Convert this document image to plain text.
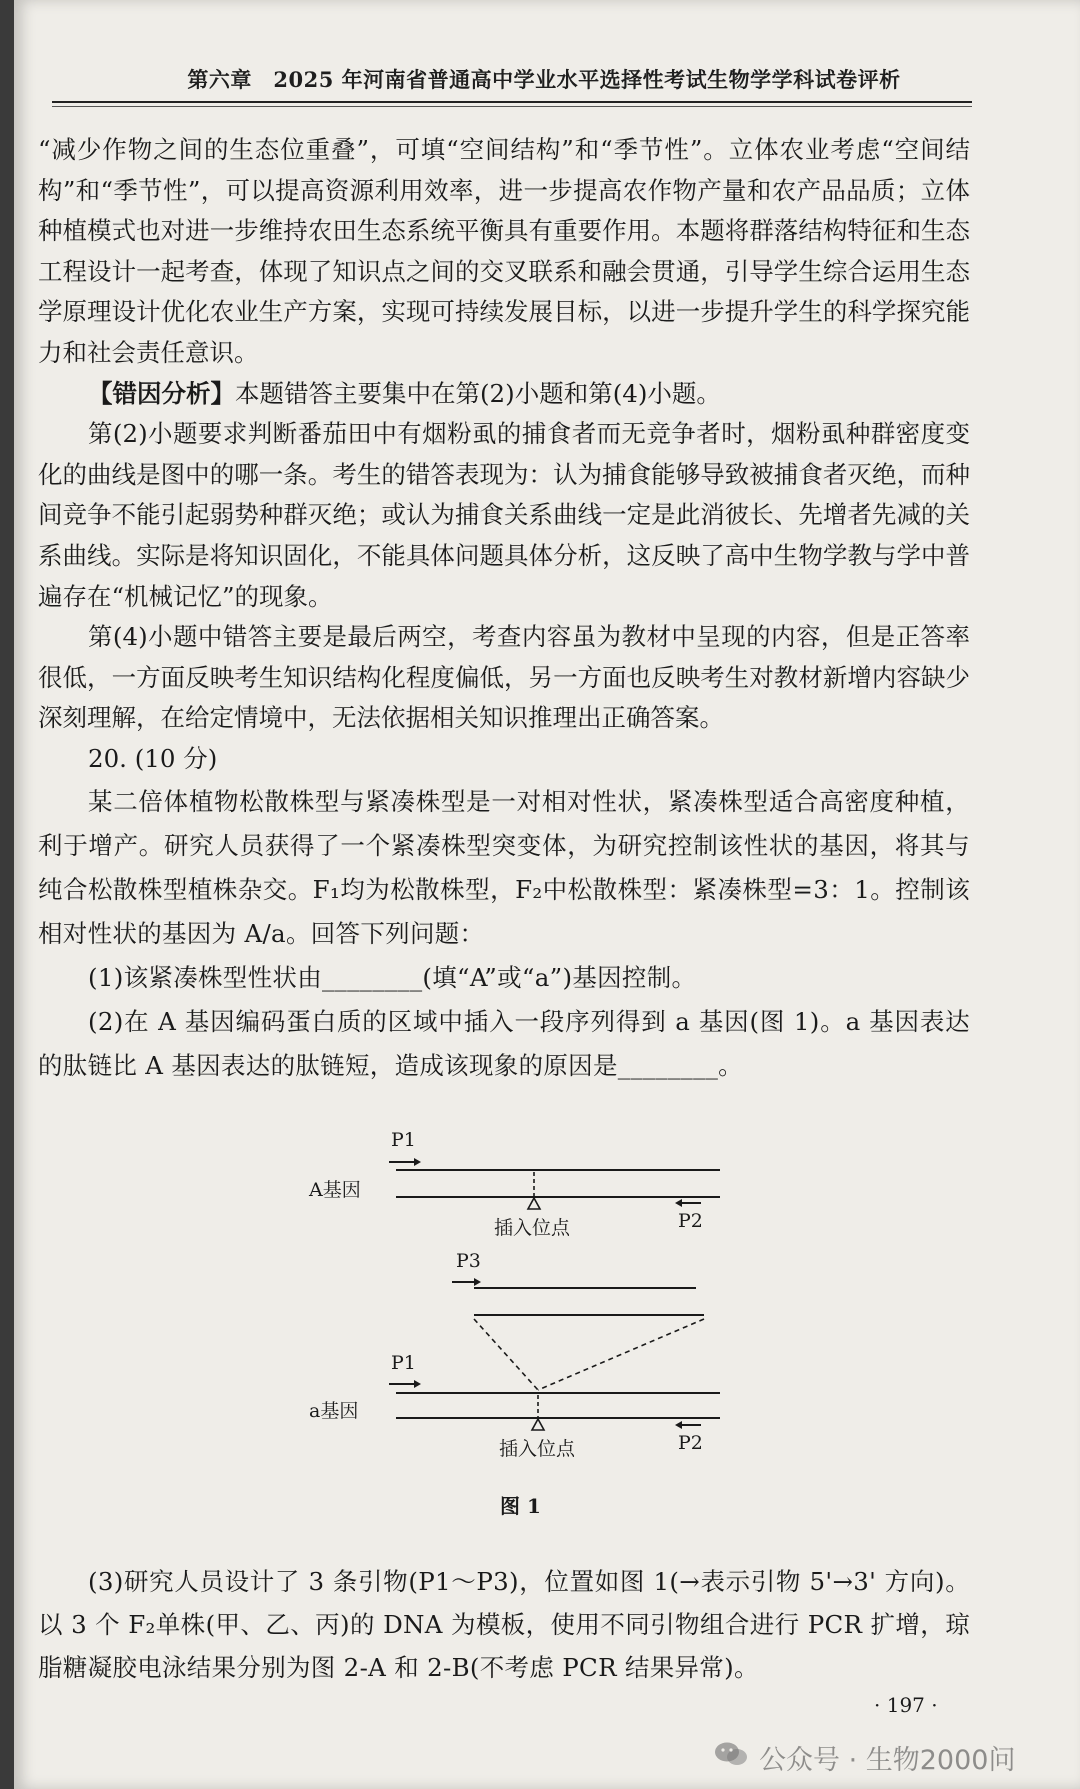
第六章　2025 年河南省普通高中学业水平选择性考试生物学学科试卷评析

“减少作物之间的生态位重叠”，可填“空间结构”和“季节性”。立体农业考虑“空间结构”和“季节性”，可以提高资源利用效率，进一步提高农作物产量和农产品品质；立体种植模式也对进一步维持农田生态系统平衡具有重要作用。本题将群落结构特征和生态工程设计一起考查，体现了知识点之间的交叉联系和融会贯通，引导学生综合运用生态学原理设计优化农业生产方案，实现可持续发展目标，以进一步提升学生的科学探究能力和社会责任意识。

【错因分析】本题错答主要集中在第(2)小题和第(4)小题。

第(2)小题要求判断番茄田中有烟粉虱的捕食者而无竞争者时，烟粉虱种群密度变化的曲线是图中的哪一条。考生的错答表现为：认为捕食能够导致被捕食者灭绝，而种间竞争不能引起弱势种群灭绝；或认为捕食关系曲线一定是此消彼长、先增者先减的关系曲线。实际是将知识固化，不能具体问题具体分析，这反映了高中生物学教与学中普遍存在“机械记忆”的现象。

第(4)小题中错答主要是最后两空，考查内容虽为教材中呈现的内容，但是正答率很低，一方面反映考生知识结构化程度偏低，另一方面也反映考生对教材新增内容缺少深刻理解，在给定情境中，无法依据相关知识推理出正确答案。

20. (10 分)

某二倍体植物松散株型与紧凑株型是一对相对性状，紧凑株型适合高密度种植，利于增产。研究人员获得了一个紧凑株型突变体，为研究控制该性状的基因，将其与纯合松散株型植株杂交。F₁均为松散株型，F₂中松散株型：紧凑株型=3：1。控制该相对性状的基因为 A/a。回答下列问题：

(1)该紧凑株型性状由________(填“A”或“a”)基因控制。

(2)在 A 基因编码蛋白质的区域中插入一段序列得到 a 基因(图 1)。a 基因表达的肽链比 A 基因表达的肽链短，造成该现象的原因是________。

P1
A基因
插入位点	P2
P3
P1
a基因
插入位点	P2
图 1

(3)研究人员设计了 3 条引物(P1～P3)，位置如图 1(→表示引物 5'→3' 方向)。以 3 个 F₂单株(甲、乙、丙)的 DNA 为模板，使用不同引物组合进行 PCR 扩增，琼脂糖凝胶电泳结果分别为图 2-A 和 2-B(不考虑 PCR 结果异常)。

· 197 ·
公众号 · 生物2000问
